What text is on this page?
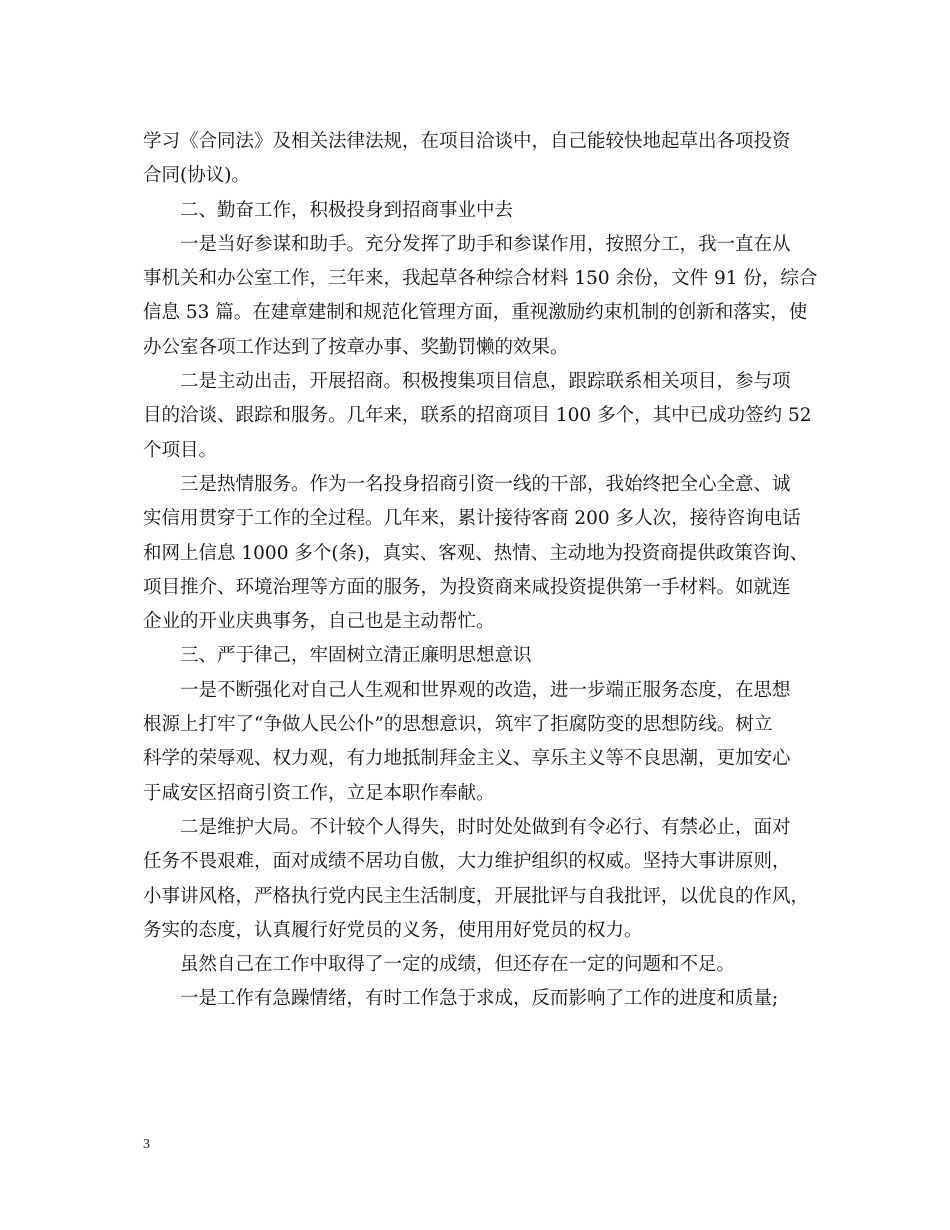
学习《合同法》及相关法律法规，在项目洽谈中，自己能较快地起草出各项投资
合同(协议)。
二、勤奋工作，积极投身到招商事业中去
一是当好参谋和助手。充分发挥了助手和参谋作用，按照分工，我一直在从
事机关和办公室工作，三年来，我起草各种综合材料 150 余份，文件 91 份，综合
信息 53 篇。在建章建制和规范化管理方面，重视激励约束机制的创新和落实，使
办公室各项工作达到了按章办事、奖勤罚懒的效果。
二是主动出击，开展招商。积极搜集项目信息，跟踪联系相关项目，参与项
目的洽谈、跟踪和服务。几年来，联系的招商项目 100 多个，其中已成功签约 52
个项目。
三是热情服务。作为一名投身招商引资一线的干部，我始终把全心全意、诚
实信用贯穿于工作的全过程。几年来，累计接待客商 200 多人次，接待咨询电话
和网上信息 1000 多个(条)，真实、客观、热情、主动地为投资商提供政策咨询、
项目推介、环境治理等方面的服务，为投资商来咸投资提供第一手材料。如就连
企业的开业庆典事务，自己也是主动帮忙。
三、严于律己，牢固树立清正廉明思想意识
一是不断强化对自己人生观和世界观的改造，进一步端正服务态度，在思想
根源上打牢了“争做人民公仆”的思想意识，筑牢了拒腐防变的思想防线。树立
科学的荣辱观、权力观，有力地抵制拜金主义、享乐主义等不良思潮，更加安心
于咸安区招商引资工作，立足本职作奉献。
二是维护大局。不计较个人得失，时时处处做到有令必行、有禁必止，面对
任务不畏艰难，面对成绩不居功自傲，大力维护组织的权威。坚持大事讲原则，
小事讲风格，严格执行党内民主生活制度，开展批评与自我批评，以优良的作风，
务实的态度，认真履行好党员的义务，使用用好党员的权力。
虽然自己在工作中取得了一定的成绩，但还存在一定的问题和不足。
一是工作有急躁情绪，有时工作急于求成，反而影响了工作的进度和质量;
3
